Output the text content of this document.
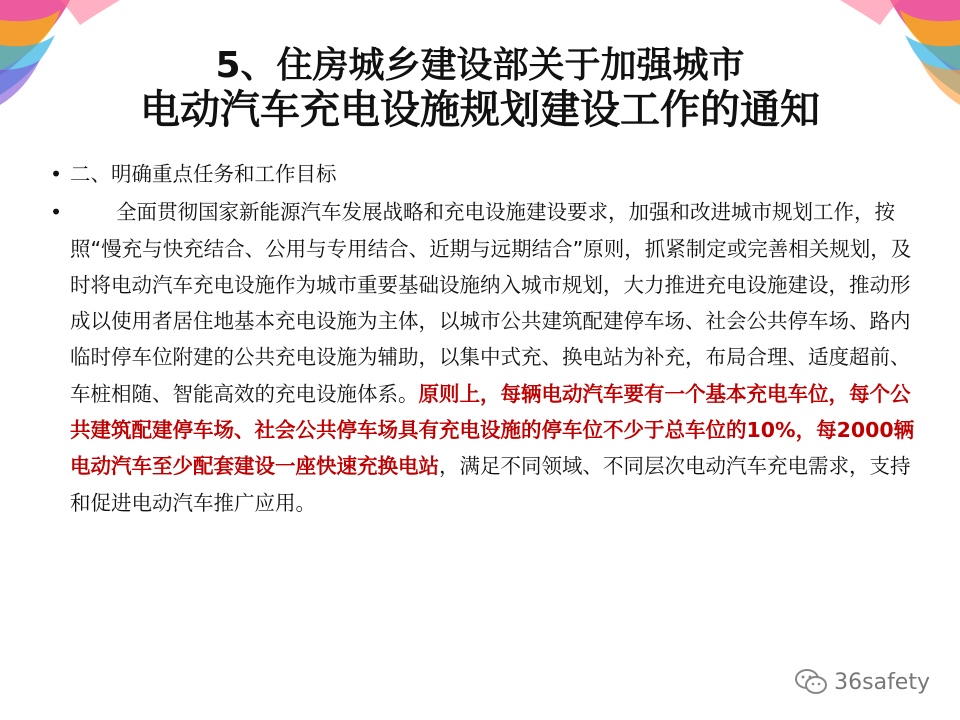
5、住房城乡建设部关于加强城市
电动汽车充电设施规划建设工作的通知
• 二、明确重点任务和工作目标
•	全面贯彻国家新能源汽车发展战略和充电设施建设要求，加强和改进城市规划工作，按照“慢充与快充结合、公用与专用结合、近期与远期结合”原则，抓紧制定或完善相关规划，及时将电动汽车充电设施作为城市重要基础设施纳入城市规划，大力推进充电设施建设，推动形成以使用者居住地基本充电设施为主体，以城市公共建筑配建停车场、社会公共停车场、路内临时停车位附建的公共充电设施为辅助，以集中式充、换电站为补充，布局合理、适度超前、车桩相随、智能高效的充电设施体系。原则上，每辆电动汽车要有一个基本充电车位，每个公共建筑配建停车场、社会公共停车场具有充电设施的停车位不少于总车位的10%，每2000辆电动汽车至少配套建设一座快速充换电站，满足不同领域、不同层次电动汽车充电需求，支持和促进电动汽车推广应用。
36safety
